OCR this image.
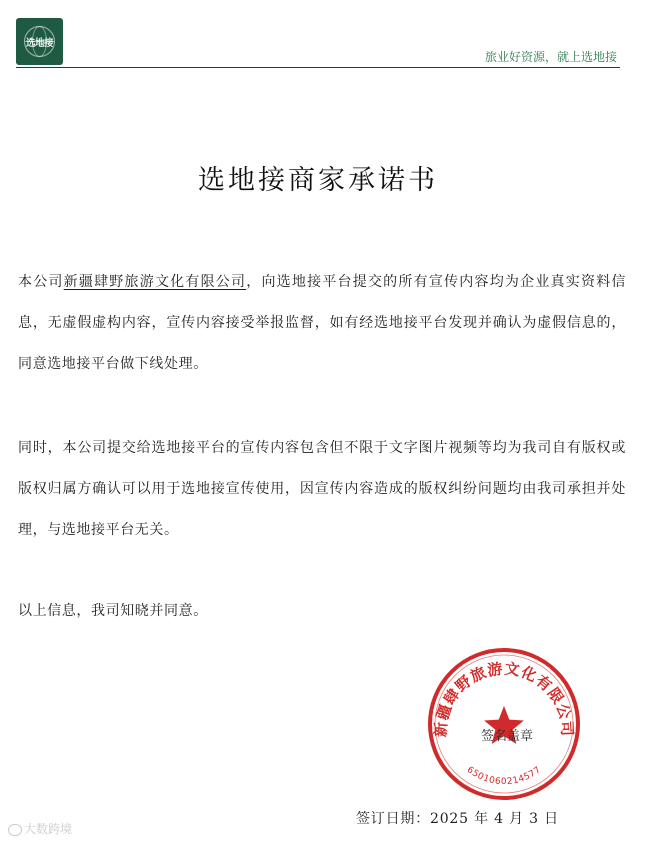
选地接
旅业好资源，就上选地接
选地接商家承诺书
本公司新疆肆野旅游文化有限公司，向选地接平台提交的所有宣传内容均为企业真实资料信息，无虚假虚构内容，宣传内容接受举报监督，如有经选地接平台发现并确认为虚假信息的，同意选地接平台做下线处理。
同时，本公司提交给选地接平台的宣传内容包含但不限于文字图片视频等均为我司自有版权或版权归属方确认可以用于选地接宣传使用，因宣传内容造成的版权纠纷问题均由我司承担并处理，与选地接平台无关。
以上信息，我司知晓并同意。
新疆肆野旅游文化有限公司
6501060214577
签名盖章
签订日期：2025 年 4 月 3 日
大数跨境
